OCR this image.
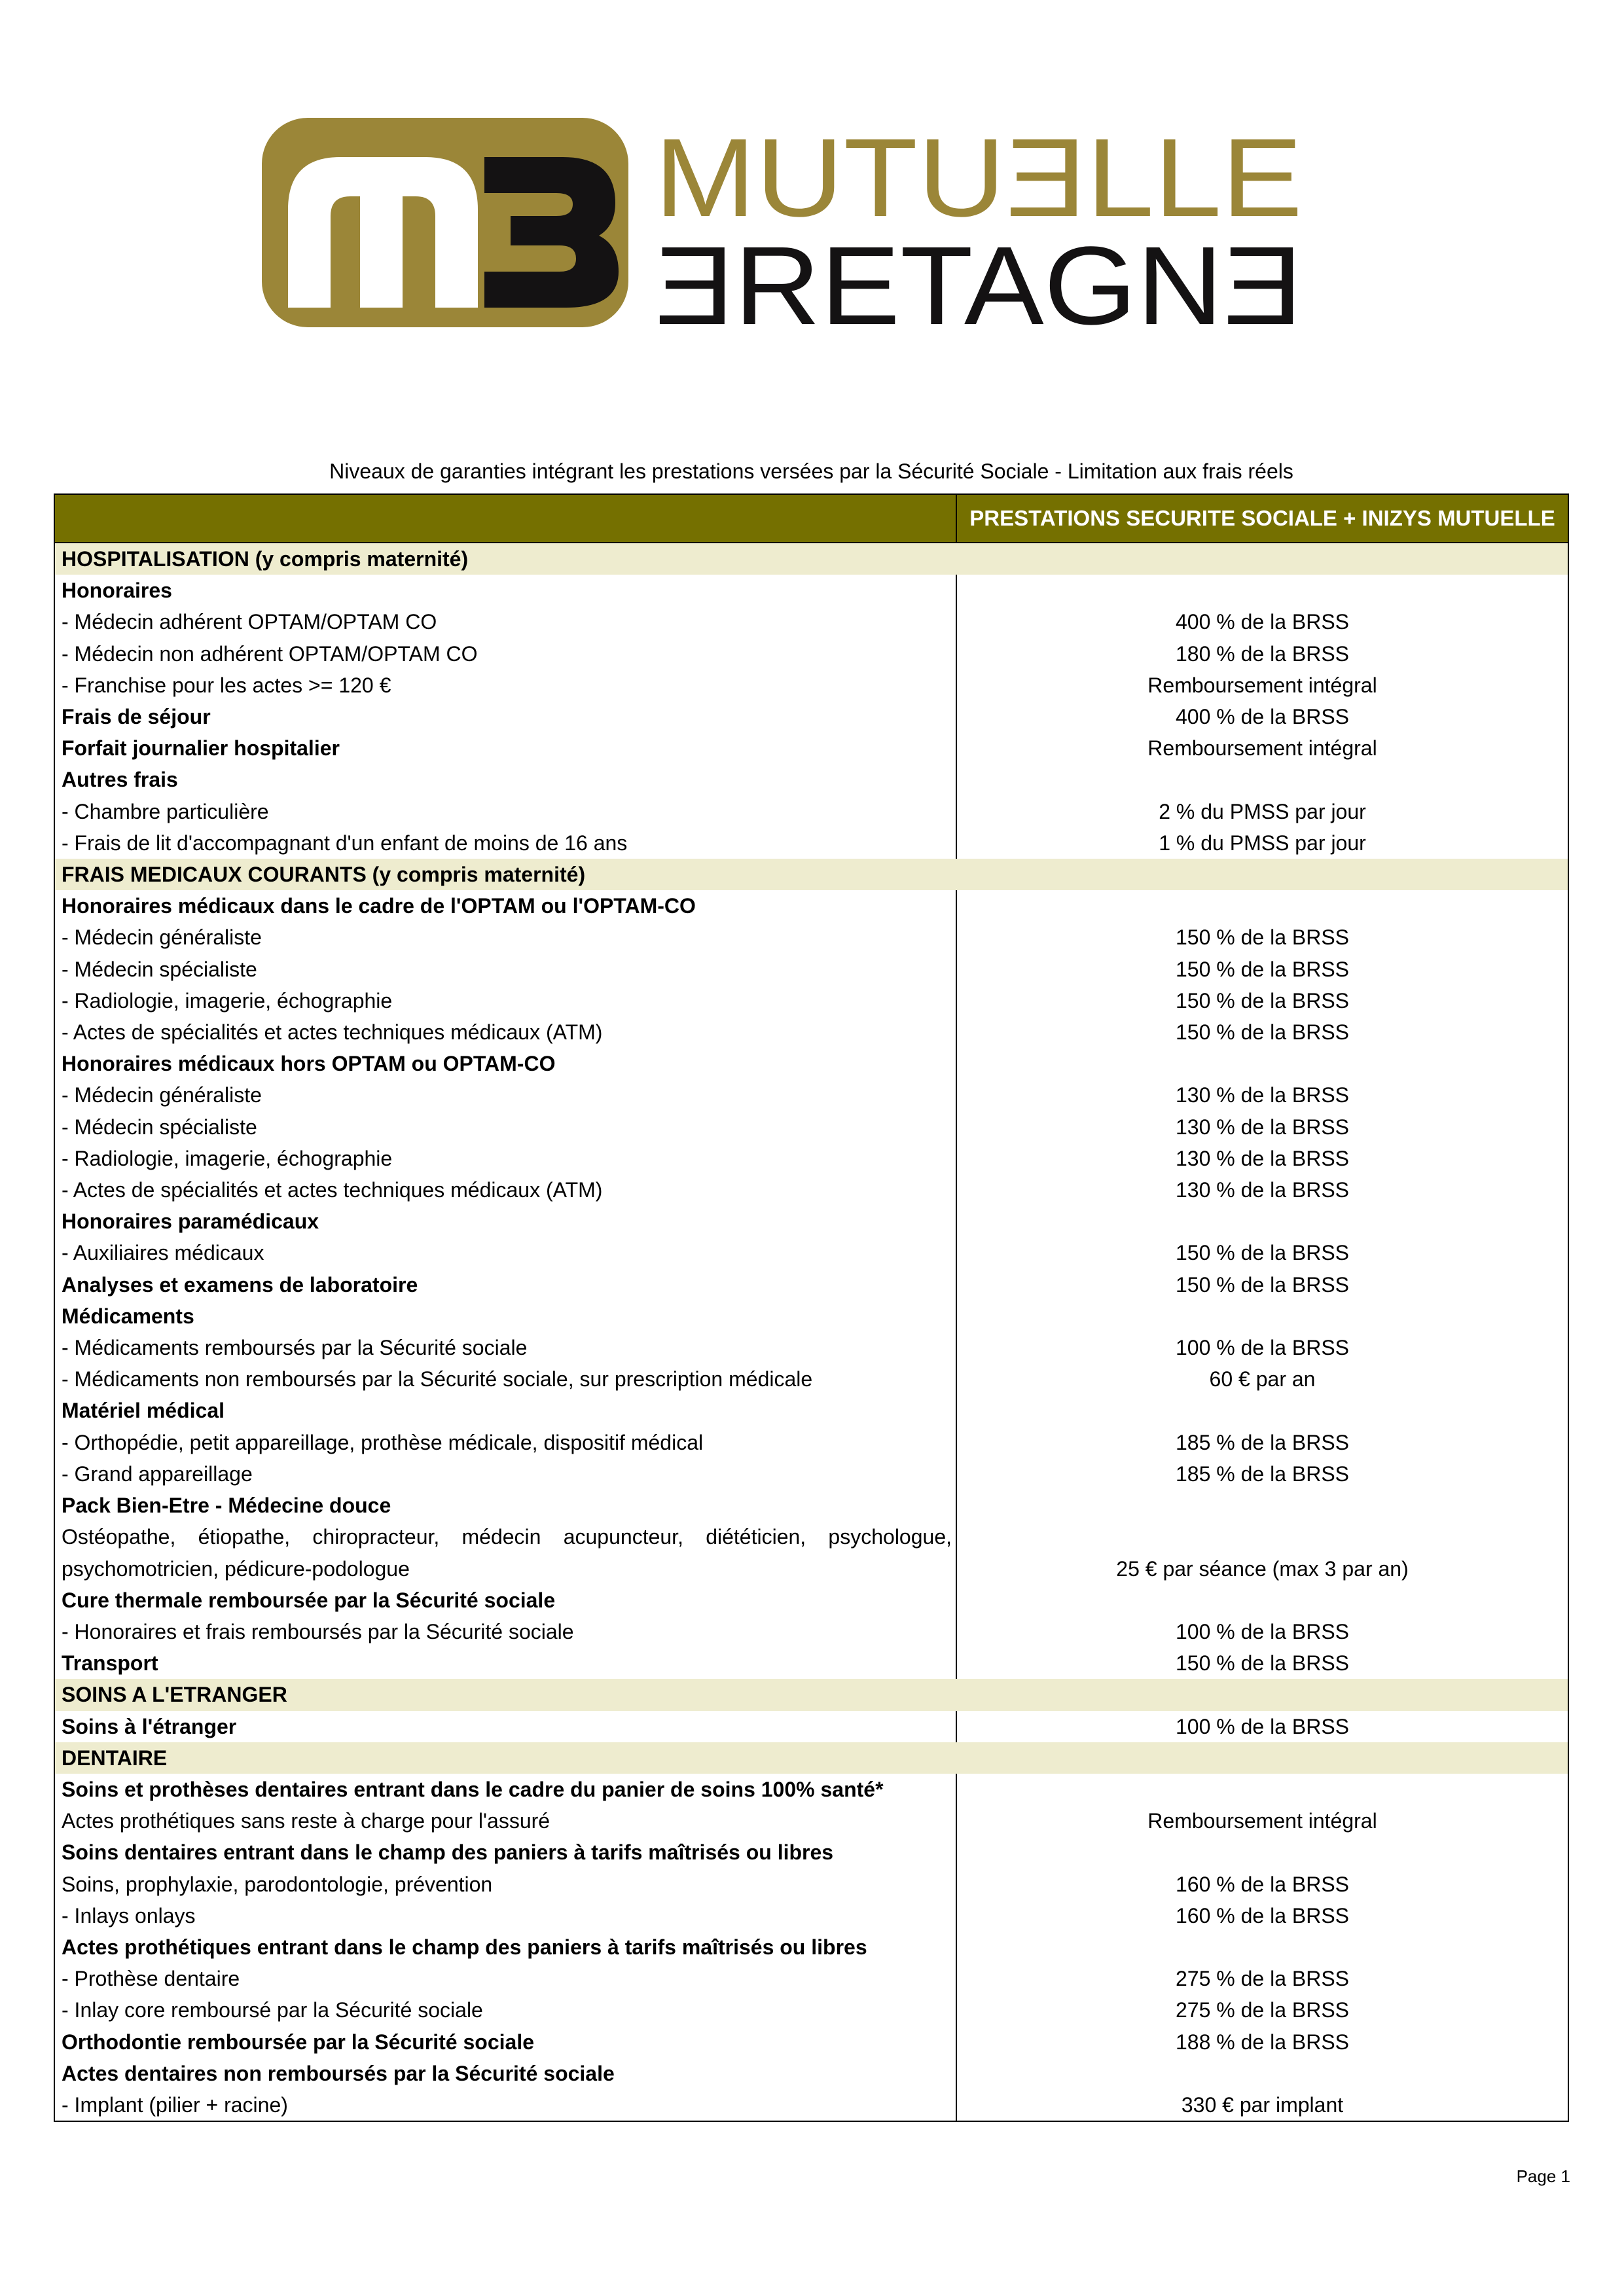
MUTUƎLLE
ƎRETAGNƎ
Niveaux de garanties intégrant les prestations versées par la Sécurité Sociale - Limitation aux frais réels
PRESTATIONS SECURITE SOCIALE + INIZYS MUTUELLE
HOSPITALISATION (y compris maternité)
Honoraires
- Médecin adhérent OPTAM/OPTAM CO	400 % de la BRSS
- Médecin non adhérent OPTAM/OPTAM CO	180 % de la BRSS
- Franchise pour les actes >= 120 €	Remboursement intégral
Frais de séjour	400 % de la BRSS
Forfait journalier hospitalier	Remboursement intégral
Autres frais
- Chambre particulière	2 % du PMSS par jour
- Frais de lit d'accompagnant d'un enfant de moins de 16 ans	1 % du PMSS par jour
FRAIS MEDICAUX COURANTS (y compris maternité)
Honoraires médicaux dans le cadre de l'OPTAM ou l'OPTAM-CO
- Médecin généraliste	150 % de la BRSS
- Médecin spécialiste	150 % de la BRSS
- Radiologie, imagerie, échographie	150 % de la BRSS
- Actes de spécialités et actes techniques médicaux (ATM)	150 % de la BRSS
Honoraires médicaux hors OPTAM ou OPTAM-CO
- Médecin généraliste	130 % de la BRSS
- Médecin spécialiste	130 % de la BRSS
- Radiologie, imagerie, échographie	130 % de la BRSS
- Actes de spécialités et actes techniques médicaux (ATM)	130 % de la BRSS
Honoraires paramédicaux
- Auxiliaires médicaux	150 % de la BRSS
Analyses et examens de laboratoire	150 % de la BRSS
Médicaments
- Médicaments remboursés par la Sécurité sociale	100 % de la BRSS
- Médicaments non remboursés par la Sécurité sociale, sur prescription médicale	60 € par an
Matériel médical
- Orthopédie, petit appareillage, prothèse médicale, dispositif médical	185 % de la BRSS
- Grand appareillage	185 % de la BRSS
Pack Bien-Etre - Médecine douce
Ostéopathe, étiopathe, chiropracteur, médecin acupuncteur, diététicien, psychologue, psychomotricien, pédicure-podologue	25 € par séance (max 3 par an)
Cure thermale remboursée par la Sécurité sociale
- Honoraires et frais remboursés par la Sécurité sociale	100 % de la BRSS
Transport	150 % de la BRSS
SOINS A L'ETRANGER
Soins à l'étranger	100 % de la BRSS
DENTAIRE
Soins et prothèses dentaires entrant dans le cadre du panier de soins 100% santé*
Actes prothétiques sans reste à charge pour l'assuré	Remboursement intégral
Soins dentaires entrant dans le champ des paniers à tarifs maîtrisés ou libres
Soins, prophylaxie, parodontologie, prévention	160 % de la BRSS
- Inlays onlays	160 % de la BRSS
Actes prothétiques entrant dans le champ des paniers à tarifs maîtrisés ou libres
- Prothèse dentaire	275 % de la BRSS
- Inlay core remboursé par la Sécurité sociale	275 % de la BRSS
Orthodontie remboursée par la Sécurité sociale	188 % de la BRSS
Actes dentaires non remboursés par la Sécurité sociale
- Implant (pilier + racine)	330 € par implant
Page 1
